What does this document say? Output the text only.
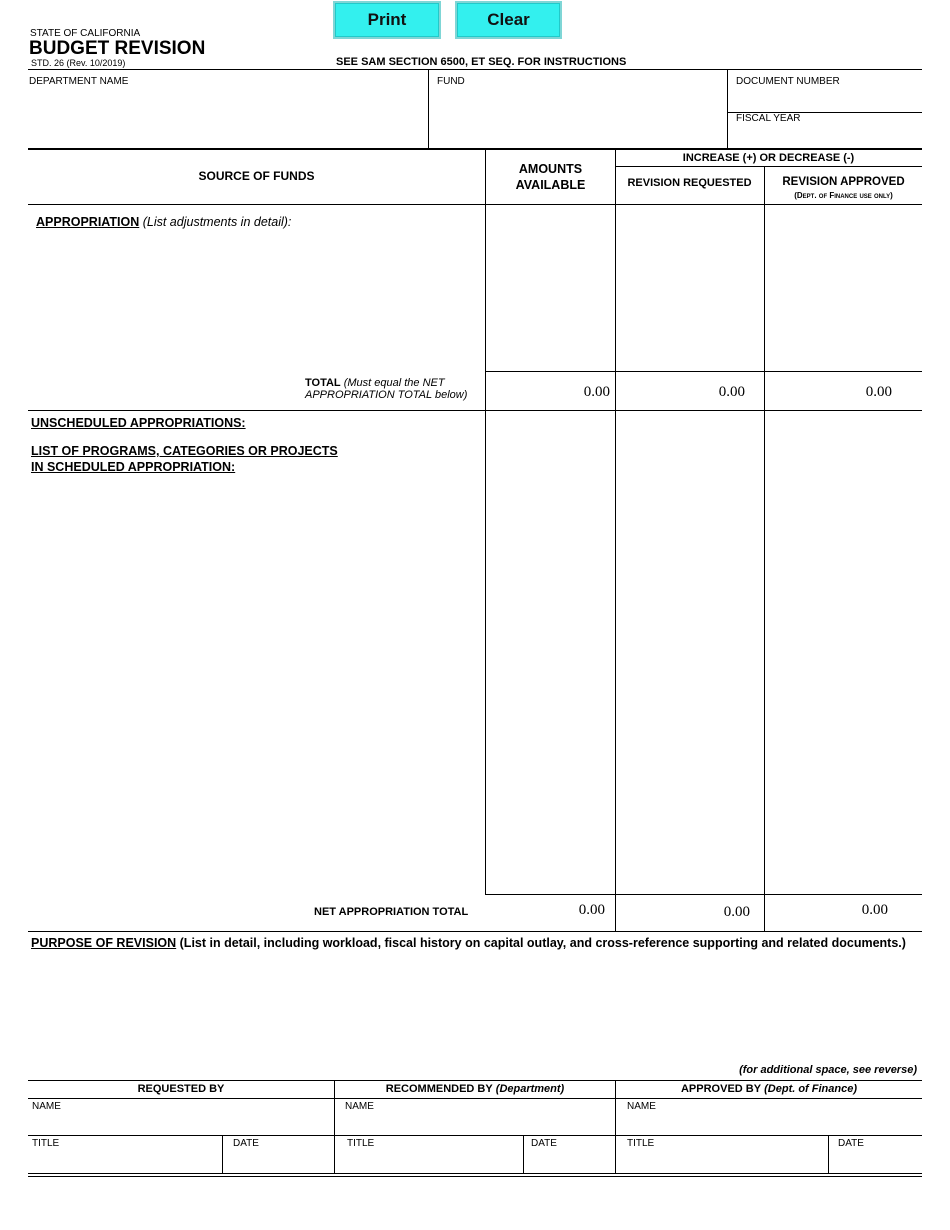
Print	Clear
STATE OF CALIFORNIA
BUDGET REVISION
STD. 26 (Rev. 10/2019)	SEE SAM SECTION 6500, ET SEQ. FOR INSTRUCTIONS
DEPARTMENT NAME	FUND	DOCUMENT NUMBER
FISCAL YEAR
SOURCE OF FUNDS	AMOUNTS
AVAILABLE
INCREASE (+) OR DECREASE (-)
REVISION REQUESTED	REVISION APPROVED
(Dept. of Finance use only)
APPROPRIATION (List adjustments in detail):
TOTAL (Must equal the NET
APPROPRIATION TOTAL below)	0.00	0.00	0.00
UNSCHEDULED APPROPRIATIONS:
LIST OF PROGRAMS, CATEGORIES OR PROJECTS
IN SCHEDULED APPROPRIATION:
NET APPROPRIATION TOTAL	0.00	0.00	0.00
PURPOSE OF REVISION (List in detail, including workload, fiscal history on capital outlay, and cross-reference supporting and related documents.)
(for additional space, see reverse)
REQUESTED BY	RECOMMENDED BY (Department)	APPROVED BY (Dept. of Finance)
NAME	NAME	NAME
TITLE	DATE	TITLE	DATE	TITLE	DATE
